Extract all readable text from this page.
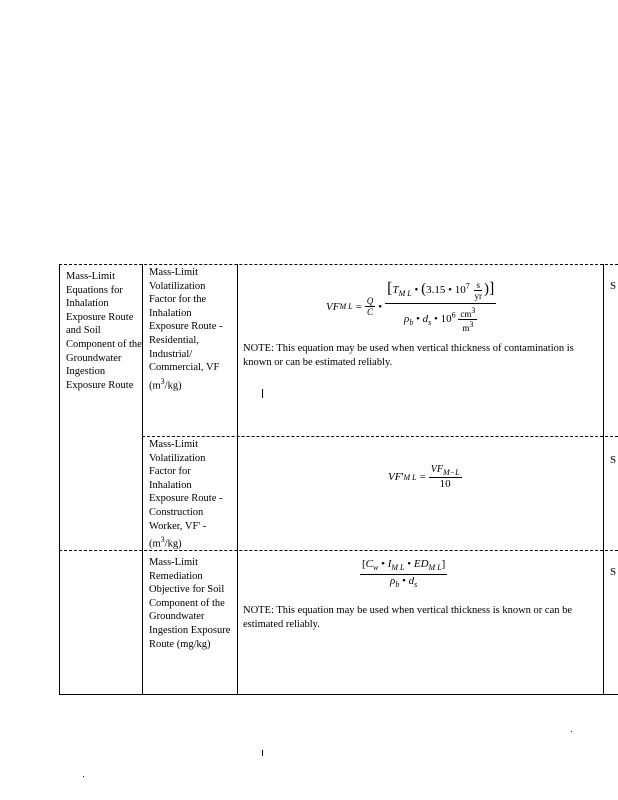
Mass-Limit Equations for Inhalation Exposure Route and Soil Component of the Groundwater Ingestion Exposure Route
Mass-Limit Volatilization Factor for the Inhalation Exposure Route - Residential, Industrial/ Commercial, VF $(m^3/kg)$
VF M $L = \frac{Q}{C}$ • $\frac{[T_{M L} • (3.15 • 10^7 \frac{s}{yr} )]}{\rho_b • d_s • 10^6 \frac{cm^3}{m^3}}$
NOTE: This equation may be used when vertical thickness of contamination is known or can be estimated reliably.
S
Mass-Limit Volatilization Factor for Inhalation Exposure Route - Construction Worker, VF' - $(m^3/kg)$
VF ' M $L = \frac{VF_{M-L}}{10}$
S
Mass-Limit Remediation Objective for Soil Component of the Groundwater Ingestion Exposure Route (mg/kg)
$\frac{[C_w • I_{M L} • ED_{M L}]}{\rho_b • d_s}$
NOTE: This equation may be used when vertical thickness is known or can be estimated reliably.
S
